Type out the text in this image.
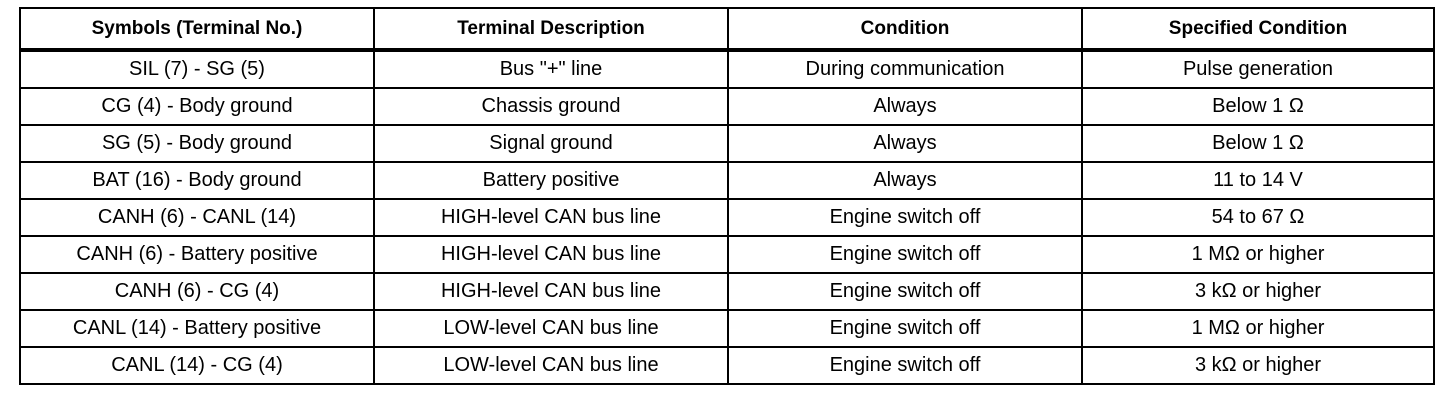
Symbols (Terminal No.)	Terminal Description	Condition	Specified Condition
SIL (7) - SG (5)	Bus "+" line	During communication	Pulse generation
CG (4) - Body ground	Chassis ground	Always	Below 1 Ω
SG (5) - Body ground	Signal ground	Always	Below 1 Ω
BAT (16) - Body ground	Battery positive	Always	11 to 14 V
CANH (6) - CANL (14)	HIGH-level CAN bus line	Engine switch off	54 to 67 Ω
CANH (6) - Battery positive	HIGH-level CAN bus line	Engine switch off	1 MΩ or higher
CANH (6) - CG (4)	HIGH-level CAN bus line	Engine switch off	3 kΩ or higher
CANL (14) - Battery positive	LOW-level CAN bus line	Engine switch off	1 MΩ or higher
CANL (14) - CG (4)	LOW-level CAN bus line	Engine switch off	3 kΩ or higher
